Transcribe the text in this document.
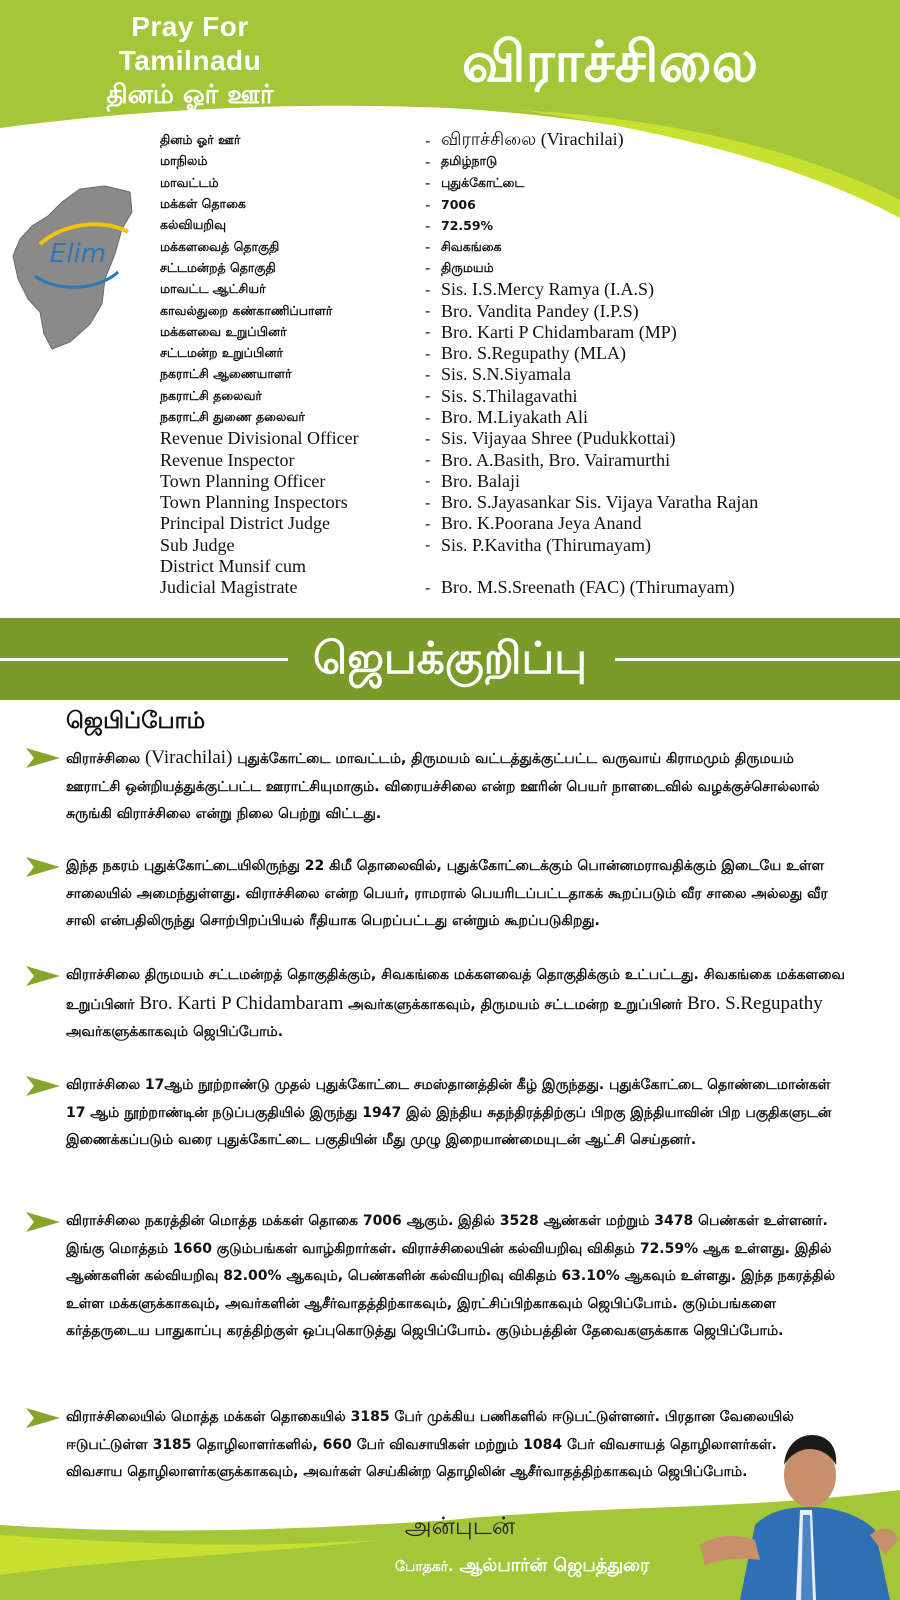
Pray For Tamilnadu
தினம் ஓர் ஊர்	விராச்சிலை
Elim
தினம் ஓர் ஊர்	- விராச்சிலை (Virachilai)
மாநிலம்	- தமிழ்நாடு
மாவட்டம்	- புதுக்கோட்டை
மக்கள் தொகை	- 7006
கல்வியறிவு	- 72.59%
மக்களவைத் தொகுதி	- சிவகங்கை
சட்டமன்றத் தொகுதி	- திருமயம்
மாவட்ட ஆட்சியர்	- Sis. I.S.Mercy Ramya (I.A.S)
காவல்துறை கண்காணிப்பாளர்	- Bro. Vandita Pandey (I.P.S)
மக்களவை உறுப்பினர்	- Bro. Karti P Chidambaram (MP)
சட்டமன்ற உறுப்பினர்	- Bro. S.Regupathy (MLA)
நகராட்சி ஆணையாளர்	- Sis. S.N.Siyamala
நகராட்சி தலைவர்	- Sis. S.Thilagavathi
நகராட்சி துணை தலைவர்	- Bro. M.Liyakath Ali
Revenue Divisional Officer	- Sis. Vijayaa Shree (Pudukkottai)
Revenue Inspector	- Bro. A.Basith, Bro. Vairamurthi
Town Planning Officer	- Bro. Balaji
Town Planning Inspectors	- Bro. S.Jayasankar Sis. Vijaya Varatha Rajan
Principal District Judge	- Bro. K.Poorana Jeya Anand
Sub Judge	- Sis. P.Kavitha (Thirumayam)
District Munsif cum
Judicial Magistrate	- Bro. M.S.Sreenath (FAC) (Thirumayam)
ஜெபக்குறிப்பு
ஜெபிப்போம்
விராச்சிலை (Virachilai) புதுக்கோட்டை மாவட்டம், திருமயம் வட்டத்துக்குட்பட்ட வருவாய் கிராமமும் திருமயம் ஊராட்சி ஒன்றியத்துக்குட்பட்ட ஊராட்சியுமாகும். விரையச்சிலை என்ற ஊரின் பெயர் நாளடைவில் வழக்குச்சொல்லால் சுருங்கி விராச்சிலை என்று நிலை பெற்று விட்டது.
இந்த நகரம் புதுக்கோட்டையிலிருந்து 22 கிமீ தொலைவில், புதுக்கோட்டைக்கும் பொன்னமராவதிக்கும் இடையே உள்ள சாலையில் அமைந்துள்ளது. விராச்சிலை என்ற பெயர், ராமரால் பெயரிடப்பட்டதாகக் கூறப்படும் வீர சாலை அல்லது வீர சாலி என்பதிலிருந்து சொற்பிறப்பியல் ரீதியாக பெறப்பட்டது என்றும் கூறப்படுகிறது.
விராச்சிலை திருமயம் சட்டமன்றத் தொகுதிக்கும், சிவகங்கை மக்களவைத் தொகுதிக்கும் உட்பட்டது. சிவகங்கை மக்களவை உறுப்பினர் Bro. Karti P Chidambaram அவர்களுக்காகவும், திருமயம் சட்டமன்ற உறுப்பினர் Bro. S.Regupathy அவர்களுக்காகவும் ஜெபிப்போம்.
விராச்சிலை 17ஆம் நூற்றாண்டு முதல் புதுக்கோட்டை சமஸ்தானத்தின் கீழ் இருந்தது. புதுக்கோட்டை தொண்டைமான்கள் 17 ஆம் நூற்றாண்டின் நடுப்பகுதியில் இருந்து 1947 இல் இந்திய சுதந்திரத்திற்குப் பிறகு இந்தியாவின் பிற பகுதிகளுடன் இணைக்கப்படும் வரை புதுக்கோட்டை பகுதியின் மீது முழு இறையாண்மையுடன் ஆட்சி செய்தனர்.
விராச்சிலை நகரத்தின் மொத்த மக்கள் தொகை 7006 ஆகும். இதில் 3528 ஆண்கள் மற்றும் 3478 பெண்கள் உள்ளனர். இங்கு மொத்தம் 1660 குடும்பங்கள் வாழ்கிறார்கள். விராச்சிலையின் கல்வியறிவு விகிதம் 72.59% ஆக உள்ளது. இதில் ஆண்களின் கல்வியறிவு 82.00% ஆகவும், பெண்களின் கல்வியறிவு விகிதம் 63.10% ஆகவும் உள்ளது. இந்த நகரத்தில் உள்ள மக்களுக்காகவும், அவர்களின் ஆசீர்வாதத்திற்காகவும், இரட்சிப்பிற்காகவும் ஜெபிப்போம். குடும்பங்களை கர்த்தருடைய பாதுகாப்பு கரத்திற்குள் ஒப்புகொடுத்து ஜெபிப்போம். குடும்பத்தின் தேவைகளுக்காக ஜெபிப்போம்.
விராச்சிலையில் மொத்த மக்கள் தொகையில் 3185 பேர் முக்கிய பணிகளில் ஈடுபட்டுள்ளனர். பிரதான வேலையில் ஈடுபட்டுள்ள 3185 தொழிலாளர்களில், 660 பேர் விவசாயிகள் மற்றும் 1084 பேர் விவசாயத் தொழிலாளர்கள். விவசாய தொழிலாளர்களுக்காகவும், அவர்கள் செய்கின்ற தொழிலின் ஆசீர்வாதத்திற்காகவும் ஜெபிப்போம்.
அன்புடன்
போதகர். ஆல்பார்ன் ஜெபத்துரை
